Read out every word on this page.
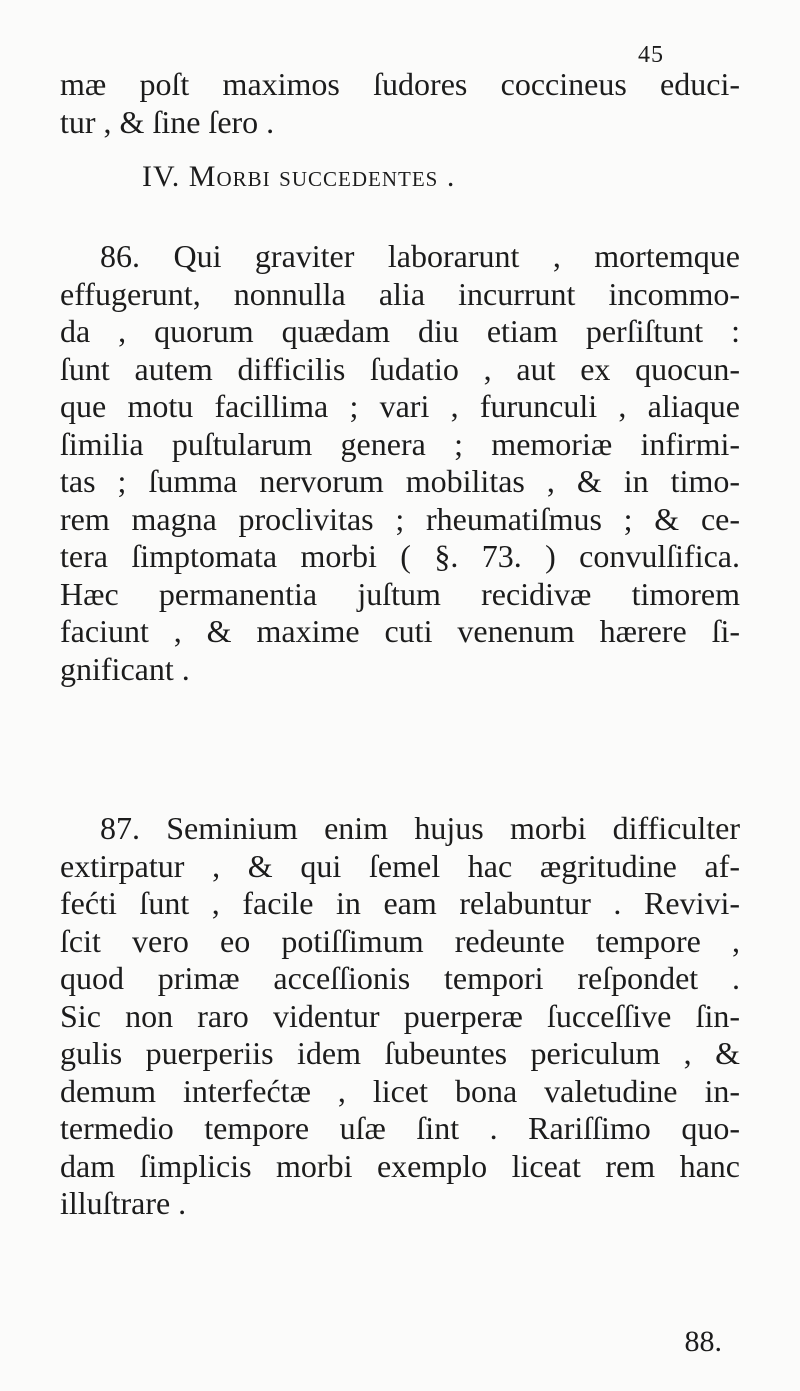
45
mæ poſt maximos ſudores coccineus educi-
tur , & ſine ſero .
IV. Morbi succedentes .
86. Qui graviter laborarunt , mortemque
effugerunt, nonnulla alia incurrunt incommo-
da , quorum quædam diu etiam perſiſtunt :
ſunt autem difficilis ſudatio , aut ex quocun-
que motu facillima ; vari , furunculi , aliaque
ſimilia puſtularum genera ; memoriæ infirmi-
tas ; ſumma nervorum mobilitas , & in timo-
rem magna proclivitas ; rheumatiſmus ; & ce-
tera ſimptomata morbi ( §. 73. ) convulſifica.
Hæc permanentia juſtum recidivæ timorem
faciunt , & maxime cuti venenum hærere ſi-
gnificant .
87. Seminium enim hujus morbi difficulter
extirpatur , & qui ſemel hac ægritudine af-
fećti ſunt , facile in eam relabuntur . Revivi-
ſcit vero eo potiſſimum redeunte tempore ,
quod primæ acceſſionis tempori reſpondet .
Sic non raro videntur puerperæ ſucceſſive ſin-
gulis puerperiis idem ſubeuntes periculum , &
demum interfećtæ , licet bona valetudine in-
termedio tempore uſæ ſint . Rariſſimo quo-
dam ſimplicis morbi exemplo liceat rem hanc
illuſtrare .
88.
